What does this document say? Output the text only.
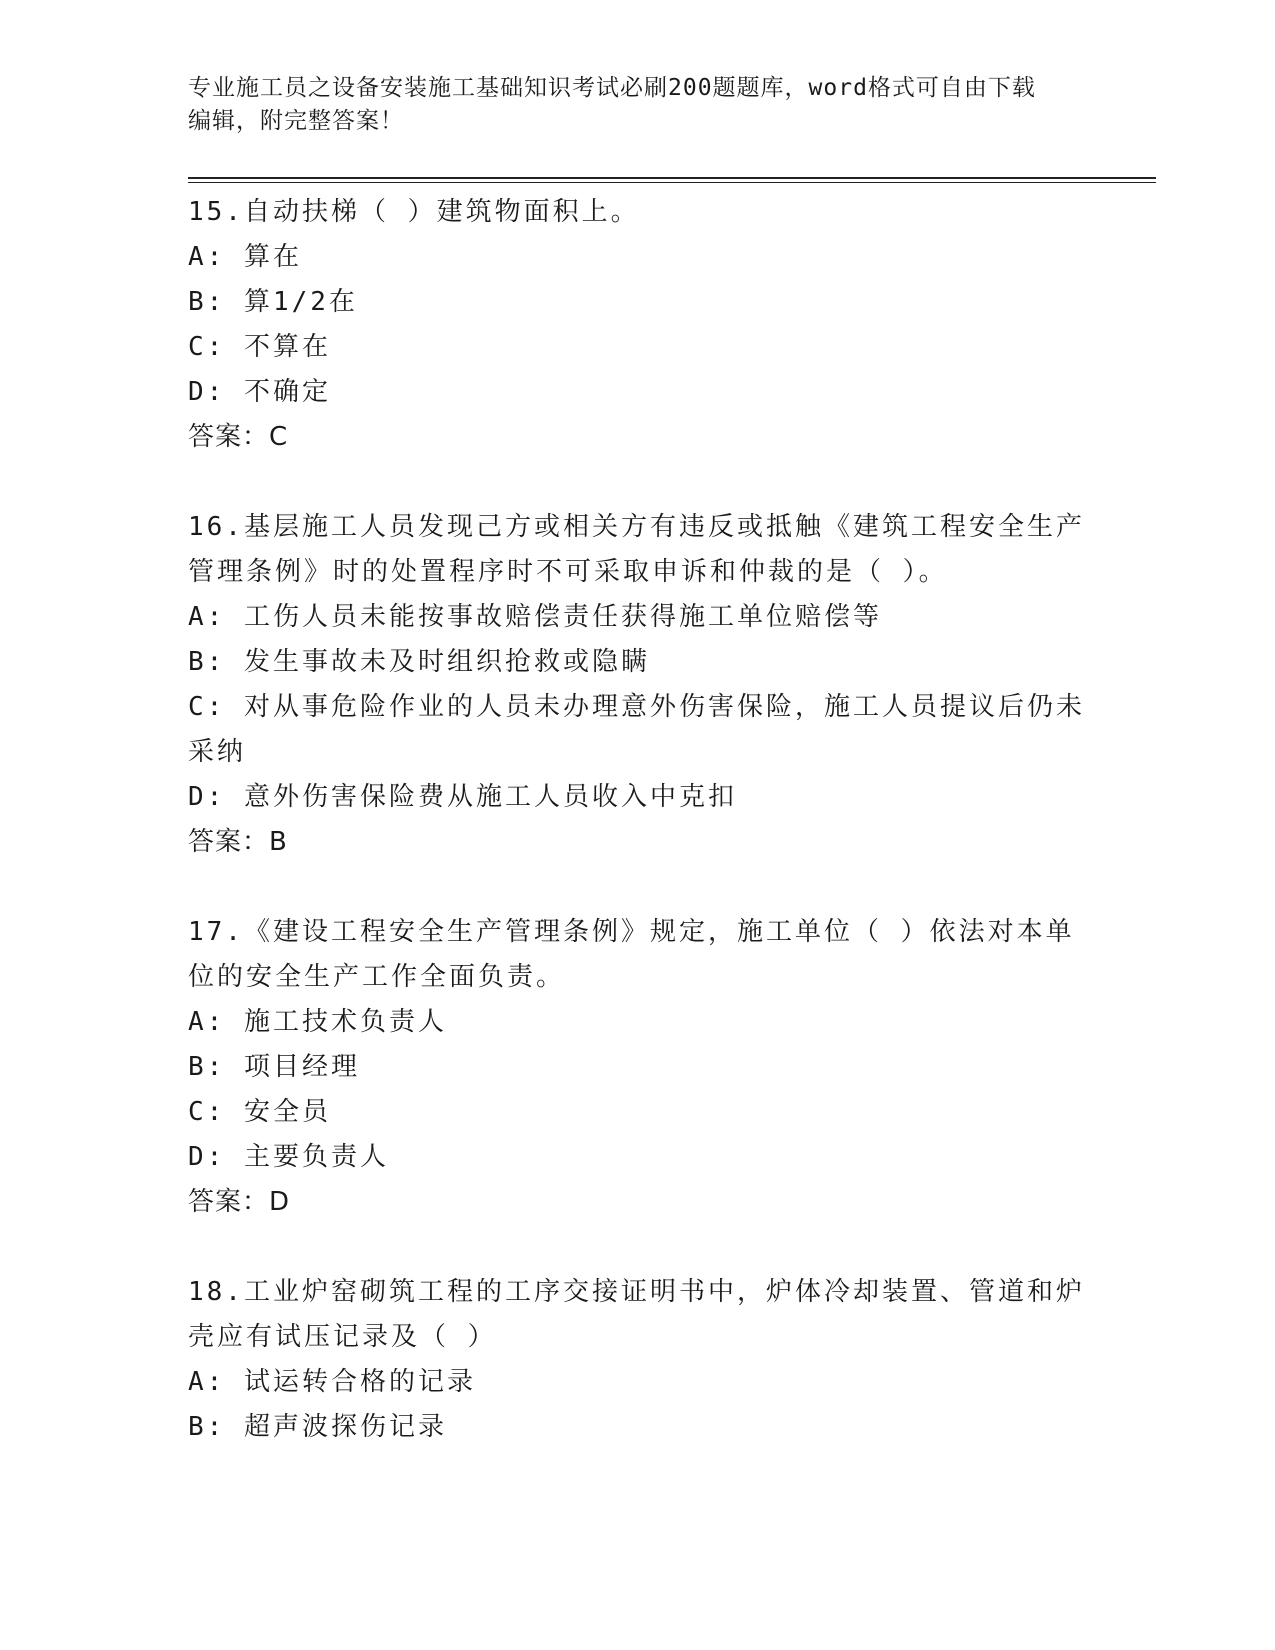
专业施工员之设备安装施工基础知识考试必刷200题题库，word格式可自由下载
编辑，附完整答案！

15.自动扶梯（ ）建筑物面积上。

A: 算在

B: 算1/2在

C: 不算在

D: 不确定

答案：C

16.基层施工人员发现己方或相关方有违反或抵触《建筑工程安全生产管理条例》时的处置程序时不可采取申诉和仲裁的是（ ）。

A: 工伤人员未能按事故赔偿责任获得施工单位赔偿等

B: 发生事故未及时组织抢救或隐瞒

C: 对从事危险作业的人员未办理意外伤害保险，施工人员提议后仍未采纳

D: 意外伤害保险费从施工人员收入中克扣

答案：B

17.《建设工程安全生产管理条例》规定，施工单位（ ）依法对本单位的安全生产工作全面负责。

A: 施工技术负责人

B: 项目经理

C: 安全员

D: 主要负责人

答案：D

18.工业炉窑砌筑工程的工序交接证明书中，炉体冷却装置、管道和炉壳应有试压记录及（ ）

A: 试运转合格的记录

B: 超声波探伤记录
